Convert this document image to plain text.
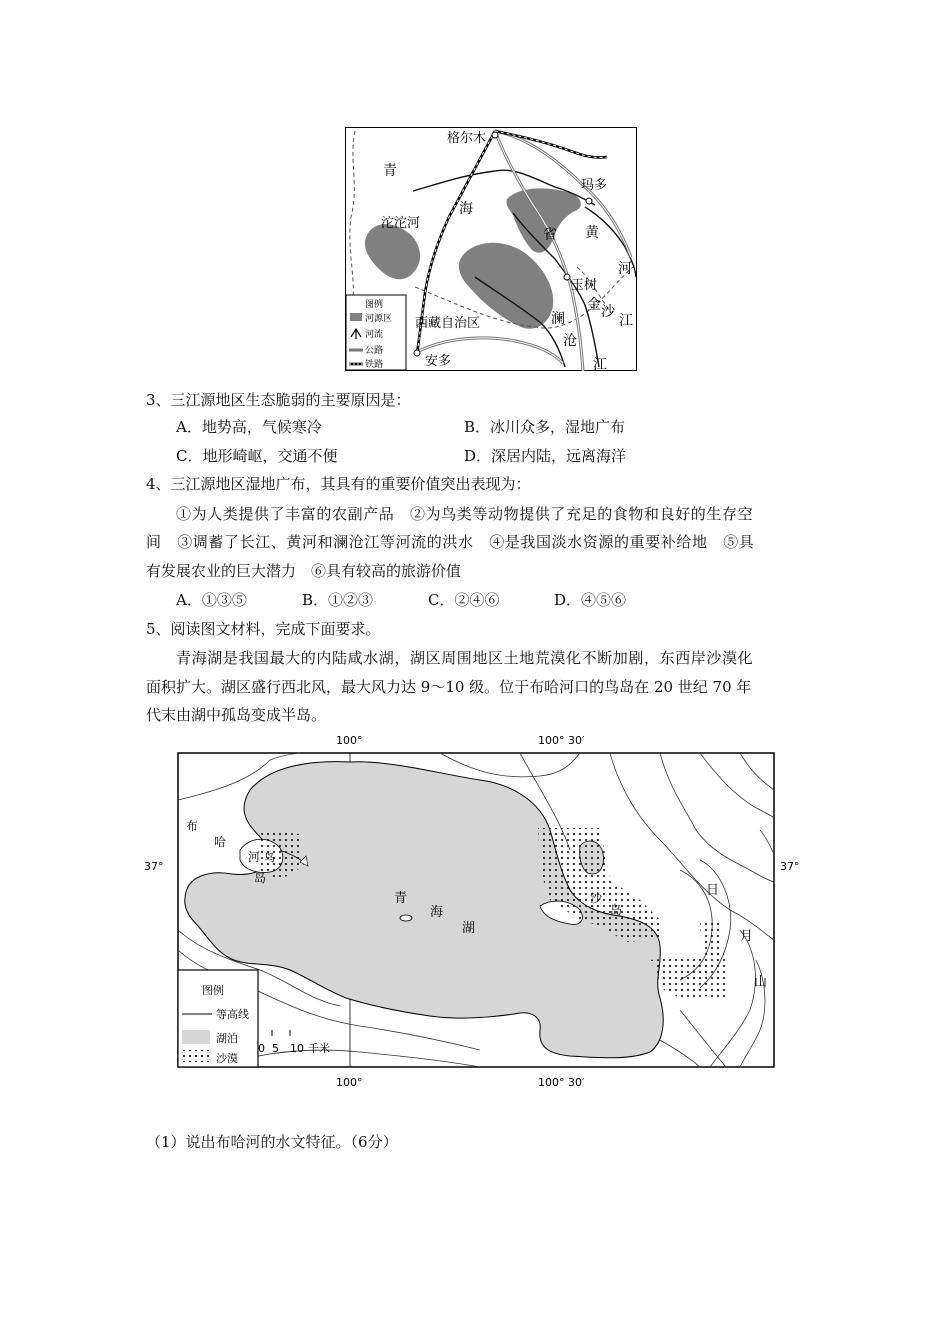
格尔木
青
海
省
沱沱河
玛多
黄
河
玉树
金 沙
江
澜
沧
江
西藏自治区
安多
图例
河源区
河流
公路
铁路
3、三江源地区生态脆弱的主要原因是：
A．地势高，气候寒冷	B．冰川众多，湿地广布
C．地形崎岖，交通不便	D．深居内陆，远离海洋
4、三江源地区湿地广布，其具有的重要价值突出表现为：
①为人类提供了丰富的农副产品　②为鸟类等动物提供了充足的食物和良好的生存空
间　③调蓄了长江、黄河和澜沧江等河流的洪水　④是我国淡水资源的重要补给地　⑤具
有发展农业的巨大潜力　⑥具有较高的旅游价值
A．①③⑤	B．①②③	C．②④⑥	D．④⑤⑥
5、阅读图文材料，完成下面要求。
青海湖是我国最大的内陆咸水湖，湖区周围地区土地荒漠化不断加剧，东西岸沙漠化
面积扩大。湖区盛行西北风，最大风力达 9～10 级。位于布哈河口的鸟岛在 20 世纪 70 年
代末由湖中孤岛变成半岛。
100°	100° 30′
100°	100° 30′
37°	37°
布
哈
河 鸟
岛
青
海
湖
沙
岛
日
月
山
图例
等高线
湖泊
沙漠
0 5 10 千米
（1）说出布哈河的水文特征。（6分）
